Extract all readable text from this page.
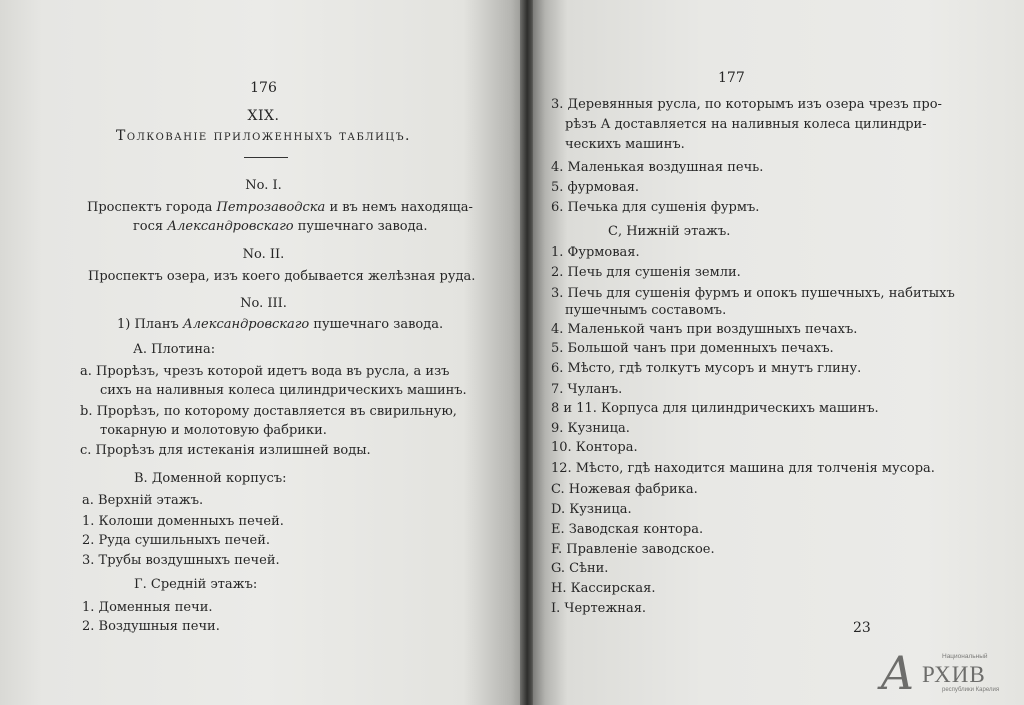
176
XIX.
Толкованіе приложенныхъ таблицъ.
No. I.
Проспектъ города Петрозаводска и въ немъ находяща-
гося Александровскаго пушечнаго завода.
No. II.
Проспектъ озера, изъ коего добывается желѣзная руда.
No. III.
1) Планъ Александровскаго пушечнаго завода.
А. Плотина:
a. Прорѣзъ, чрезъ которой идетъ вода въ русла, а изъ
сихъ на наливныя колеса цилиндрическихъ машинъ.
b. Прорѣзъ, по которому доставляется въ свирильную,
токарную и молотовую фабрики.
c. Прорѣзъ для истеканія излишней воды.
В. Доменной корпусъ:
a. Верхній этажъ.
1. Колоши доменныхъ печей.
2. Руда сушильныхъ печей.
3. Трубы воздушныхъ печей.
Г. Средній этажъ:
1. Доменныя печи.
2. Воздушныя печи.
177
3. Деревянныя русла, по которымъ изъ озера чрезъ про-
рѣзъ А доставляется на наливныя колеса цилиндри-
ческихъ машинъ.
4. Маленькая воздушная печь.
5. фурмовая.
6. Печька для сушенія фурмъ.
С, Нижній этажъ.
1. Фурмовая.
2. Печь для сушенія земли.
3. Печь для сушенія фурмъ и опокъ пушечныхъ, набитыхъ
пушечнымъ составомъ.
4. Маленькой чанъ при воздушныхъ печахъ.
5. Большой чанъ при доменныхъ печахъ.
6. Мѣсто, гдѣ толкутъ мусоръ и мнутъ глину.
7. Чуланъ.
8 и 11. Корпуса для цилиндрическихъ машинъ.
9. Кузница.
10. Контора.
12. Мѣсто, гдѣ находится машина для толченія мусора.
C. Ножевая фабрика.
D. Кузница.
E. Заводская контора.
F. Правленіе заводское.
G. Сѣни.
H. Кассирская.
I. Чертежная.
23
А	Национальный
РХИВ
республики Карелия
